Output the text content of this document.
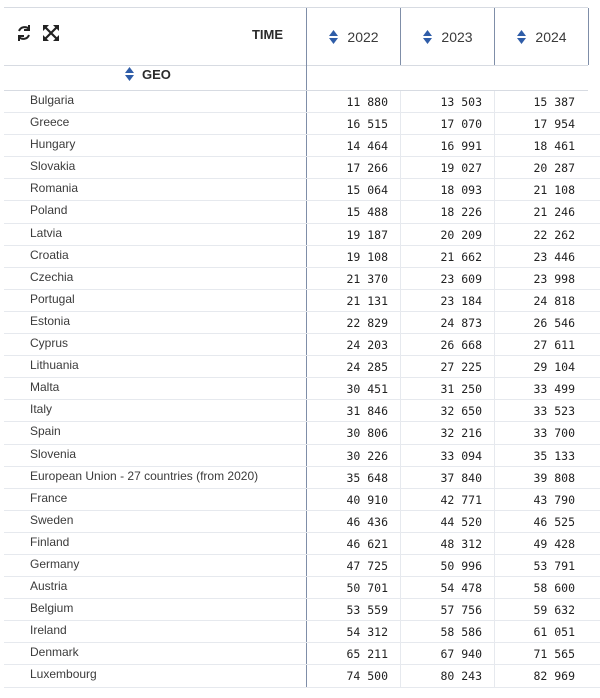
TIME	2022	2023	2024
GEO
Bulgaria	11 880	13 503	15 387
Greece	16 515	17 070	17 954
Hungary	14 464	16 991	18 461
Slovakia	17 266	19 027	20 287
Romania	15 064	18 093	21 108
Poland	15 488	18 226	21 246
Latvia	19 187	20 209	22 262
Croatia	19 108	21 662	23 446
Czechia	21 370	23 609	23 998
Portugal	21 131	23 184	24 818
Estonia	22 829	24 873	26 546
Cyprus	24 203	26 668	27 611
Lithuania	24 285	27 225	29 104
Malta	30 451	31 250	33 499
Italy	31 846	32 650	33 523
Spain	30 806	32 216	33 700
Slovenia	30 226	33 094	35 133
European Union - 27 countries (from 2020)	35 648	37 840	39 808
France	40 910	42 771	43 790
Sweden	46 436	44 520	46 525
Finland	46 621	48 312	49 428
Germany	47 725	50 996	53 791
Austria	50 701	54 478	58 600
Belgium	53 559	57 756	59 632
Ireland	54 312	58 586	61 051
Denmark	65 211	67 940	71 565
Luxembourg	74 500	80 243	82 969
